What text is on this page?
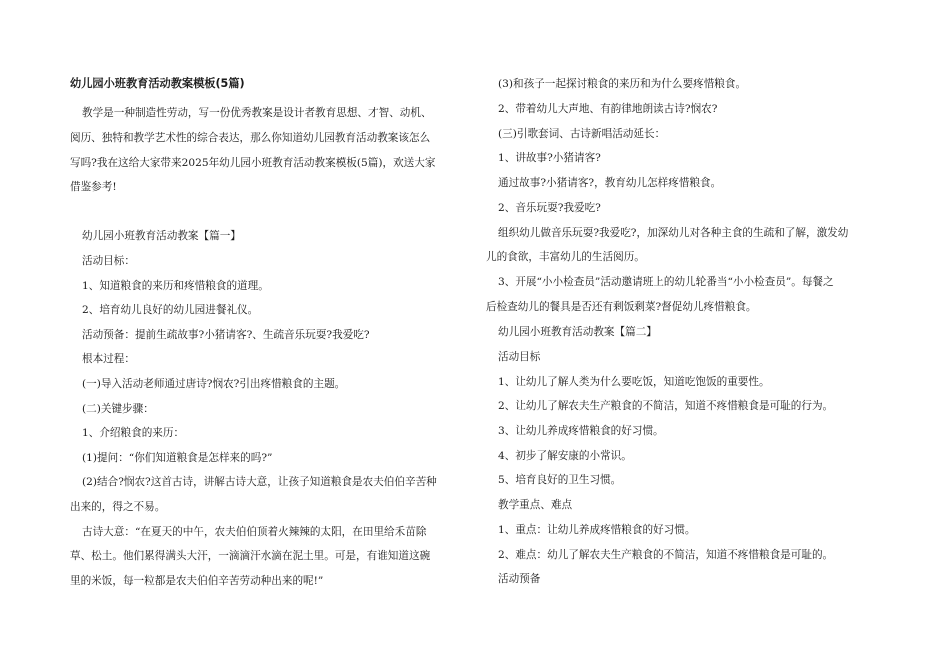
幼儿园小班教育活动教案模板(5篇)
教学是一种制造性劳动，写一份优秀教案是设计者教育思想、才智、动机、
阅历、独特和教学艺术性的综合表达，那么你知道幼儿园教育活动教案该怎么
写吗?我在这给大家带来2025年幼儿园小班教育活动教案模板(5篇)，欢送大家
借鉴参考!
幼儿园小班教育活动教案【篇一】
活动目标：
1、知道粮食的来历和疼惜粮食的道理。
2、培育幼儿良好的幼儿园进餐礼仪。
活动预备：提前生疏故事?小猪请客?、生疏音乐玩耍?我爱吃?
根本过程：
(一)导入活动老师通过唐诗?悯农?引出疼惜粮食的主题。
(二)关键步骤：
1、介绍粮食的来历：
(1)提问：“你们知道粮食是怎样来的吗?”
(2)结合?悯农?这首古诗，讲解古诗大意，让孩子知道粮食是农夫伯伯辛苦种
出来的，得之不易。
古诗大意：“在夏天的中午，农夫伯伯顶着火辣辣的太阳，在田里给禾苗除
草、松土。他们累得满头大汗，一滴滴汗水滴在泥土里。可是，有谁知道这碗
里的米饭，每一粒都是农夫伯伯辛苦劳动种出来的呢!”
(3)和孩子一起探讨粮食的来历和为什么要疼惜粮食。
2、带着幼儿大声地、有韵律地朗读古诗?悯农?
(三)引歌套词、古诗新唱活动延长：
1、讲故事?小猪请客?
通过故事?小猪请客?，教育幼儿怎样疼惜粮食。
2、音乐玩耍?我爱吃?
组织幼儿做音乐玩耍?我爱吃?，加深幼儿对各种主食的生疏和了解，激发幼
儿的食欲，丰富幼儿的生活阅历。
3、开展“小小检查员”活动邀请班上的幼儿轮番当“小小检查员”。每餐之
后检查幼儿的餐具是否还有剩饭剩菜?督促幼儿疼惜粮食。
幼儿园小班教育活动教案【篇二】
活动目标
1、让幼儿了解人类为什么要吃饭，知道吃饱饭的重要性。
2、让幼儿了解农夫生产粮食的不简洁，知道不疼惜粮食是可耻的行为。
3、让幼儿养成疼惜粮食的好习惯。
4、初步了解安康的小常识。
5、培育良好的卫生习惯。
教学重点、难点
1、重点：让幼儿养成疼惜粮食的好习惯。
2、难点：幼儿了解农夫生产粮食的不简洁，知道不疼惜粮食是可耻的。
活动预备
